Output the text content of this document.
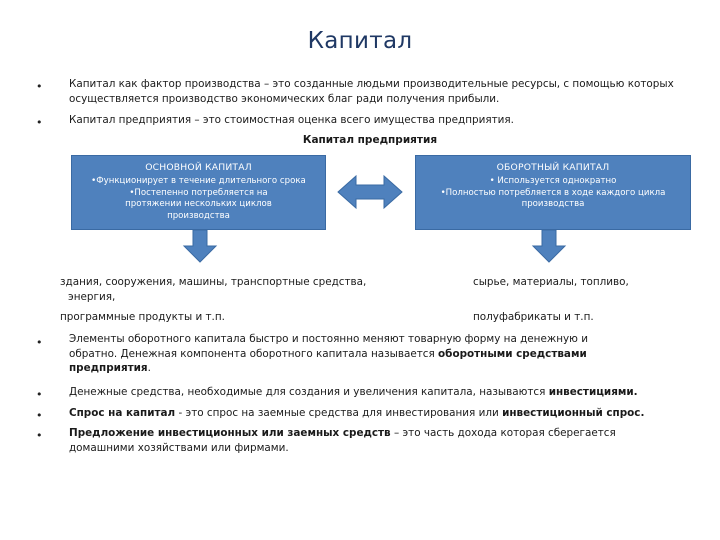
Капитал
•	Капитал как фактор производства – это созданные людьми производительные ресурсы, с помощью которых осуществляется производство экономических благ ради получения прибыли.
•	Капитал предприятия – это стоимостная оценка всего имущества предприятия.
Капитал предприятия
ОСНОВНОЙ КАПИТАЛ
•Функционирует в течение длительного срока
•Постепенно потребляется на протяжении нескольких циклов производства
ОБОРОТНЫЙ КАПИТАЛ
• Используется однократно
•Полностью потребляется в ходе каждого цикла производства
здания, сооружения, машины, транспортные средства,
энергия,
программные продукты и т.п.
сырье, материалы, топливо,
полуфабрикаты и т.п.
•	Элементы оборотного капитала быстро и постоянно меняют товарную форму на денежную и
обратно. Денежная компонента оборотного капитала называется оборотными средствами
предприятия.
•	Денежные средства, необходимые для создания и увеличения капитала, называются инвестициями.
•	Спрос на капитал - это спрос на заемные средства для инвестирования или инвестиционный спрос.
•	Предложение инвестиционных или заемных средств – это часть дохода которая сберегается
домашними хозяйствами или фирмами.
